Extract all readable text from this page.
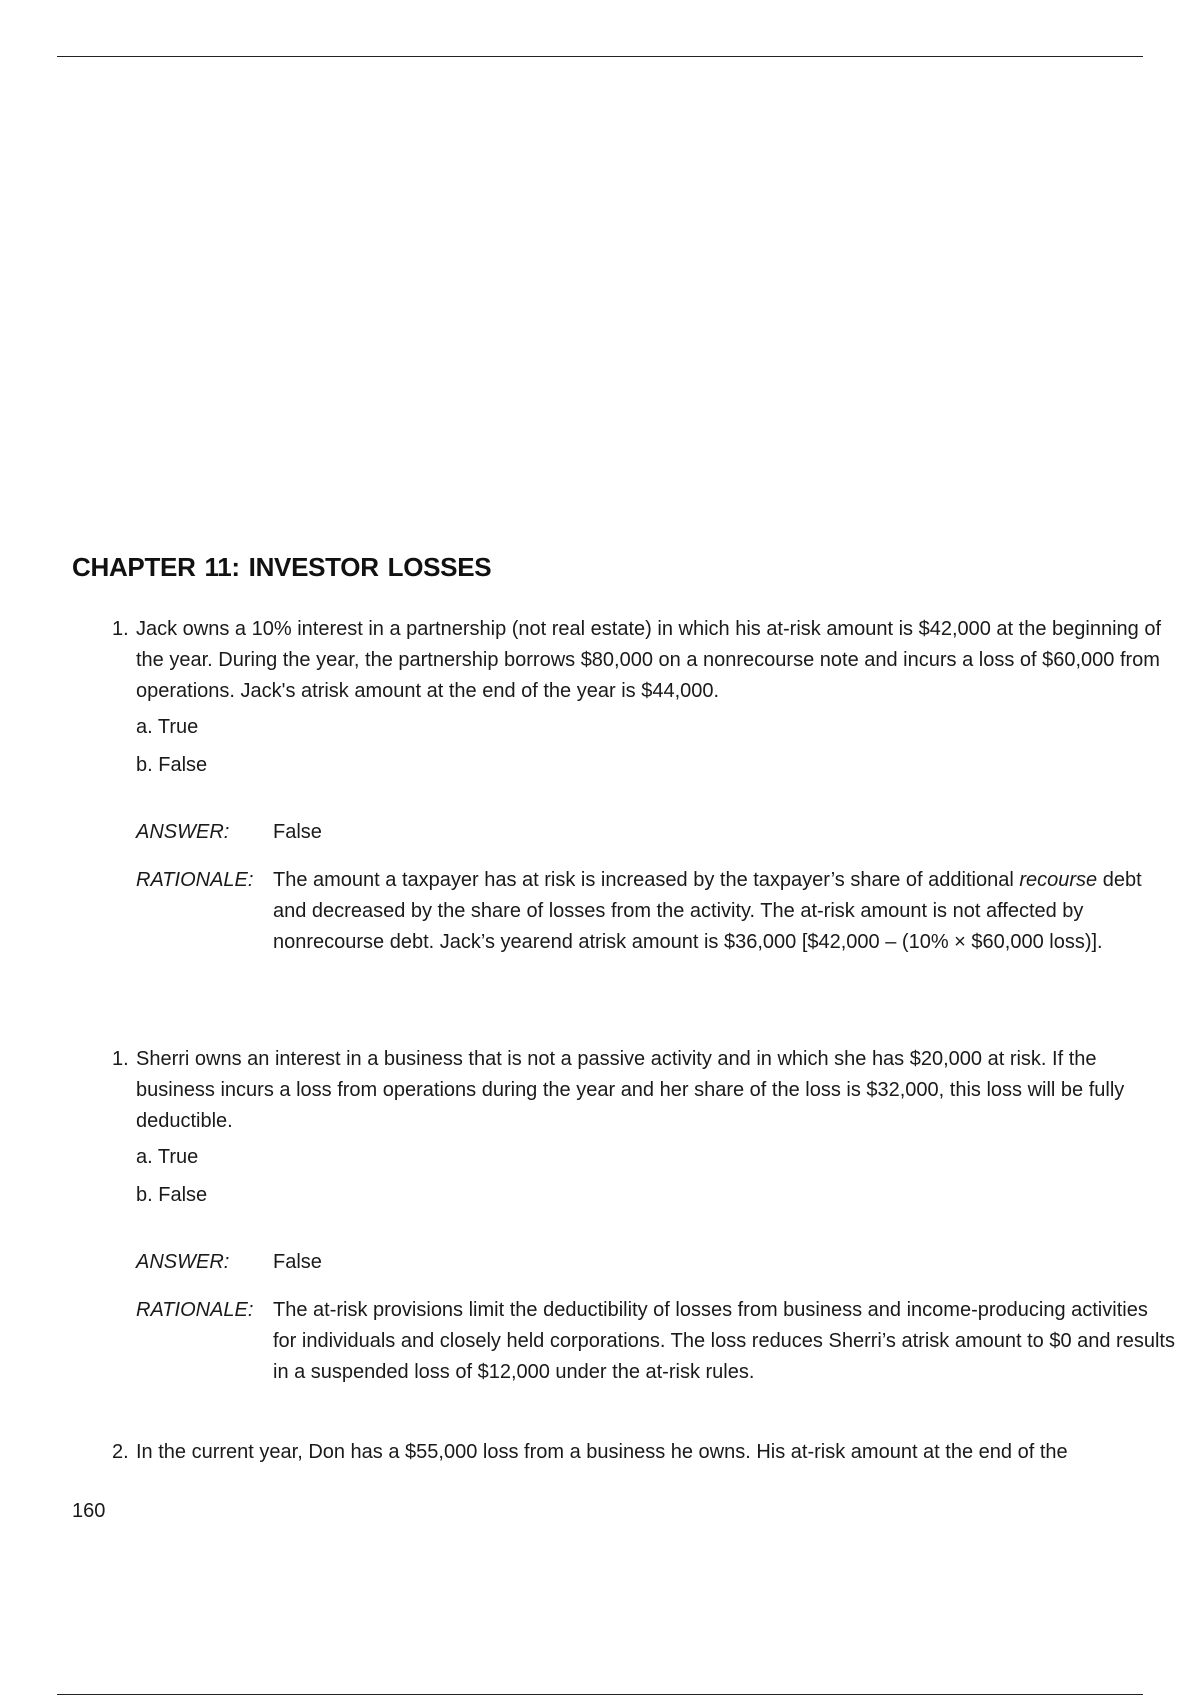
CHAPTER 11: INVESTOR LOSSES
1. Jack owns a 10% interest in a partnership (not real estate) in which his at-risk amount is $42,000 at the beginning of the year. During the year, the partnership borrows $80,000 on a nonrecourse note and incurs a loss of $60,000 from operations. Jack's atrisk amount at the end of the year is $44,000.

a. True
b. False
ANSWER: False
RATIONALE: The amount a taxpayer has at risk is increased by the taxpayer’s share of additional recourse debt and decreased by the share of losses from the activity. The at-risk amount is not affected by nonrecourse debt. Jack’s yearend atrisk amount is $36,000 [$42,000 – (10% × $60,000 loss)].
1. Sherri owns an interest in a business that is not a passive activity and in which she has $20,000 at risk. If the business incurs a loss from operations during the year and her share of the loss is $32,000, this loss will be fully deductible.

a. True
b. False
ANSWER: False
RATIONALE: The at-risk provisions limit the deductibility of losses from business and income-producing activities for individuals and closely held corporations. The loss reduces Sherri’s atrisk amount to $0 and results in a suspended loss of $12,000 under the at-risk rules.
2. In the current year, Don has a $55,000 loss from a business he owns. His at-risk amount at the end of the

160
